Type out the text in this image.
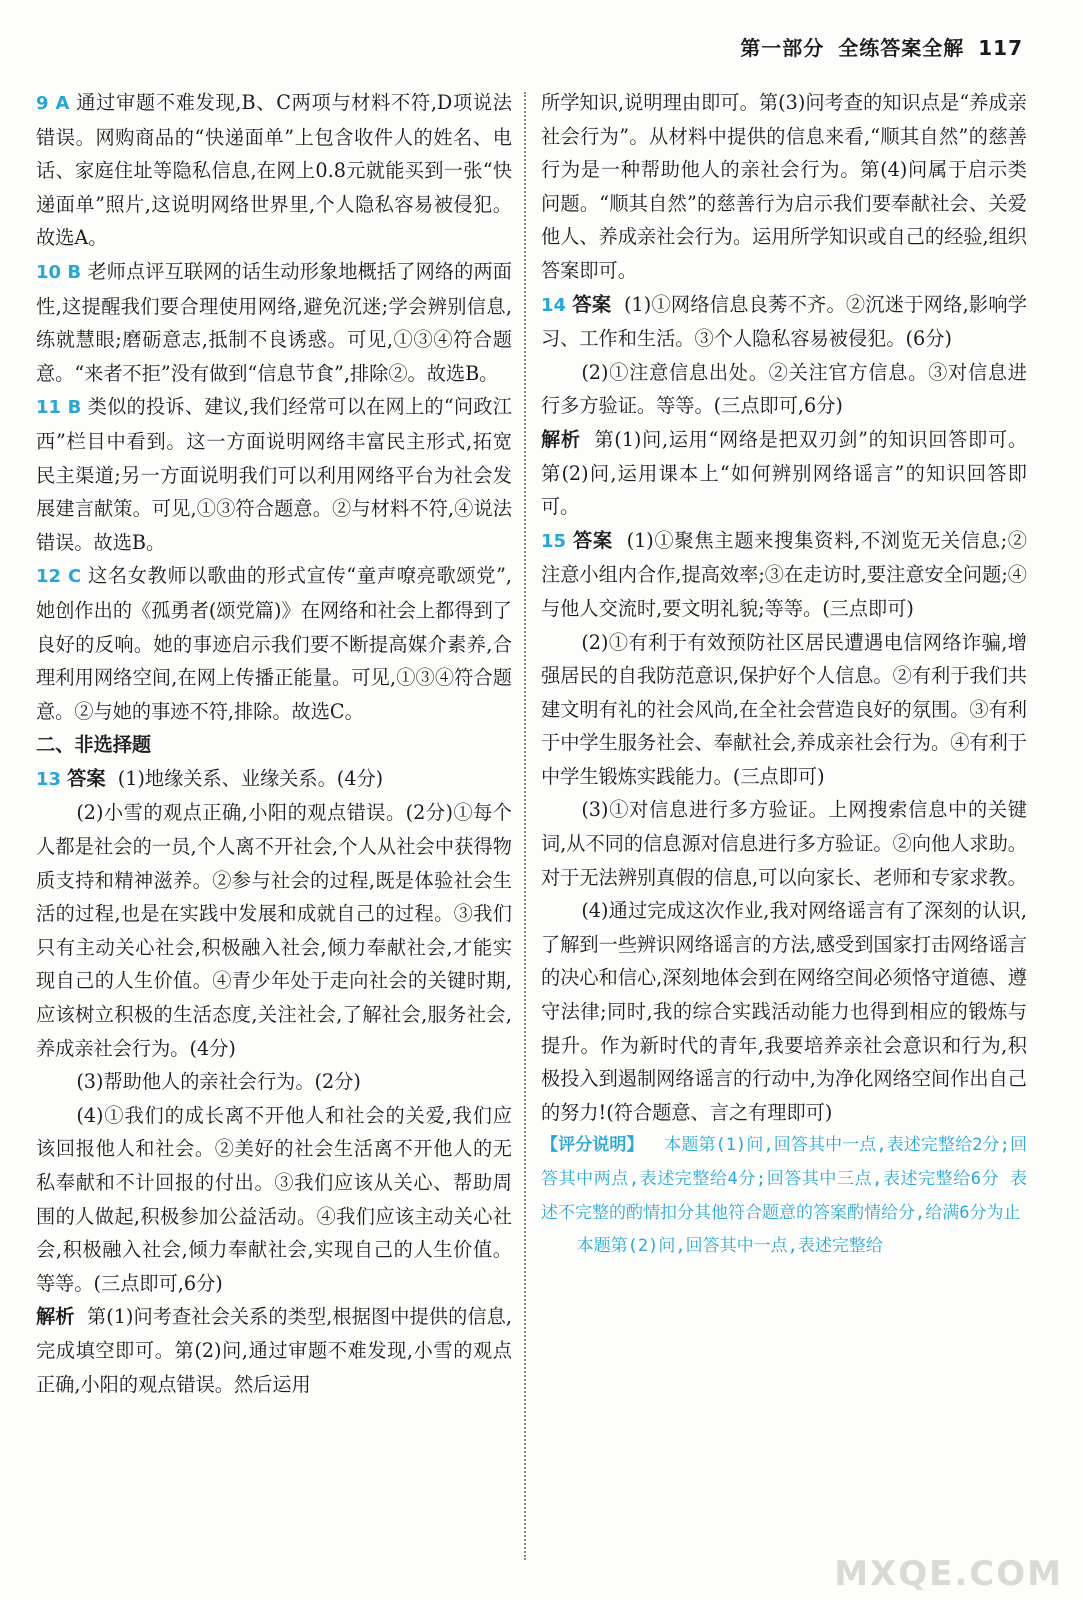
第一部分 全练答案全解 117

9 A 通过审题不难发现,B、C两项与材料不符,D项说法错误。网购商品的“快递面单”上包含收件人的姓名、电话、家庭住址等隐私信息,在网上0.8元就能买到一张“快递面单”照片,这说明网络世界里,个人隐私容易被侵犯。故选A。

10 B 老师点评互联网的话生动形象地概括了网络的两面性,这提醒我们要合理使用网络,避免沉迷;学会辨别信息,练就慧眼;磨砺意志,抵制不良诱惑。可见,①③④符合题意。“来者不拒”没有做到“信息节食”,排除②。故选B。

11 B 类似的投诉、建议,我们经常可以在网上的“问政江西”栏目中看到。这一方面说明网络丰富民主形式,拓宽民主渠道;另一方面说明我们可以利用网络平台为社会发展建言献策。可见,①③符合题意。②与材料不符,④说法错误。故选B。

12 C 这名女教师以歌曲的形式宣传“童声嘹亮歌颂党”,她创作出的《孤勇者(颂党篇)》在网络和社会上都得到了良好的反响。她的事迹启示我们要不断提高媒介素养,合理利用网络空间,在网上传播正能量。可见,①③④符合题意。②与她的事迹不符,排除。故选C。

二、非选择题

13 答案 (1)地缘关系、业缘关系。(4分)

(2)小雪的观点正确,小阳的观点错误。(2分)①每个人都是社会的一员,个人离不开社会,个人从社会中获得物质支持和精神滋养。②参与社会的过程,既是体验社会生活的过程,也是在实践中发展和成就自己的过程。③我们只有主动关心社会,积极融入社会,倾力奉献社会,才能实现自己的人生价值。④青少年处于走向社会的关键时期,应该树立积极的生活态度,关注社会,了解社会,服务社会,养成亲社会行为。(4分)

(3)帮助他人的亲社会行为。(2分)

(4)①我们的成长离不开他人和社会的关爱,我们应该回报他人和社会。②美好的社会生活离不开他人的无私奉献和不计回报的付出。③我们应该从关心、帮助周围的人做起,积极参加公益活动。④我们应该主动关心社会,积极融入社会,倾力奉献社会,实现自己的人生价值。等等。(三点即可,6分)

解析 第(1)问考查社会关系的类型,根据图中提供的信息,完成填空即可。第(2)问,通过审题不难发现,小雪的观点正确,小阳的观点错误。然后运用

所学知识,说明理由即可。第(3)问考查的知识点是“养成亲社会行为”。从材料中提供的信息来看,“顺其自然”的慈善行为是一种帮助他人的亲社会行为。第(4)问属于启示类问题。“顺其自然”的慈善行为启示我们要奉献社会、关爱他人、养成亲社会行为。运用所学知识或自己的经验,组织答案即可。

14 答案 (1)①网络信息良莠不齐。②沉迷于网络,影响学习、工作和生活。③个人隐私容易被侵犯。(6分)

(2)①注意信息出处。②关注官方信息。③对信息进行多方验证。等等。(三点即可,6分)

解析 第(1)问,运用“网络是把双刃剑”的知识回答即可。第(2)问,运用课本上“如何辨别网络谣言”的知识回答即可。

15 答案 (1)①聚焦主题来搜集资料,不浏览无关信息;②注意小组内合作,提高效率;③在走访时,要注意安全问题;④与他人交流时,要文明礼貌;等等。(三点即可)

(2)①有利于有效预防社区居民遭遇电信网络诈骗,增强居民的自我防范意识,保护好个人信息。②有利于我们共建文明有礼的社会风尚,在全社会营造良好的氛围。③有利于中学生服务社会、奉献社会,养成亲社会行为。④有利于中学生锻炼实践能力。(三点即可)

(3)①对信息进行多方验证。上网搜索信息中的关键词,从不同的信息源对信息进行多方验证。②向他人求助。对于无法辨别真假的信息,可以向家长、老师和专家求教。

(4)通过完成这次作业,我对网络谣言有了深刻的认识,了解到一些辨识网络谣言的方法,感受到国家打击网络谣言的决心和信心,深刻地体会到在网络空间必须恪守道德、遵守法律;同时,我的综合实践活动能力也得到相应的锻炼与提升。作为新时代的青年,我要培养亲社会意识和行为,积极投入到遏制网络谣言的行动中,为净化网络空间作出自己的努力!(符合题意、言之有理即可)

【评分说明】 本题第(1)问,回答其中一点,表述完整给2分;回答其中两点,表述完整给4分;回答其中三点,表述完整给6分 表述不完整的酌情扣分其他符合题意的答案酌情给分,给满6分为止

本题第(2)问,回答其中一点,表述完整给

MXQE.COM
